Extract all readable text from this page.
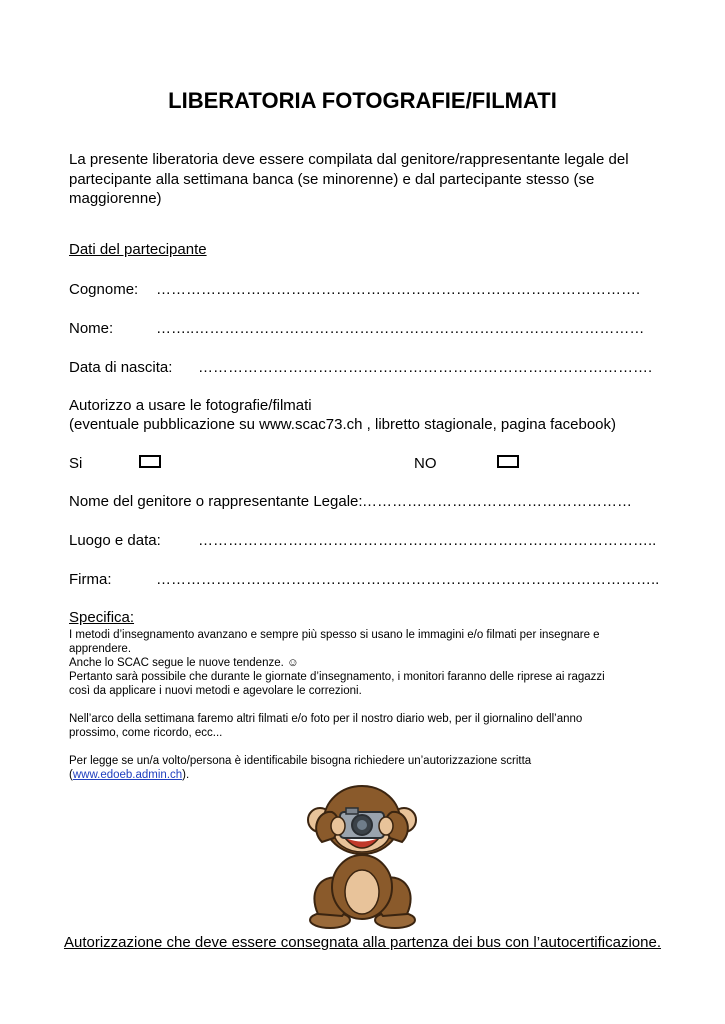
LIBERATORIA FOTOGRAFIE/FILMATI
La presente liberatoria deve essere compilata dal genitore/rappresentante legale del partecipante alla settimana banca (se minorenne) e dal partecipante stesso (se maggiorenne)
Dati del partecipante
Cognome: …………………………………………………………………………………….
Nome:	……..………………………………………………………………………………
Data di nascita: ……………………………………………………………………………….
Autorizzo a usare le fotografie/filmati
(eventuale pubblicazione su www.scac73.ch , libretto stagionale, pagina facebook)
Si	NO
Nome del genitore o rappresentante Legale: ………………………………………………
Luogo e data: ………………………………………………………………………………..
Firma:	………………………………………………………………………………………..
Specifica:
I metodi d’insegnamento avanzano e sempre più spesso si usano le immagini e/o filmati per insegnare e
apprendere.
Anche lo SCAC segue le nuove tendenze. ☺
Pertanto sarà possibile che durante le giornate d’insegnamento, i monitori faranno delle riprese ai ragazzi
così da applicare i nuovi metodi e agevolare le correzioni.
Nell’arco della settimana faremo altri filmati e/o foto per il nostro diario web, per il giornalino dell’anno
prossimo, come ricordo, ecc...
Per legge se un/a volto/persona è identificabile bisogna richiedere un’autorizzazione scritta
(www.edoeb.admin.ch).
Autorizzazione che deve essere consegnata alla partenza dei bus con l’autocertificazione.
